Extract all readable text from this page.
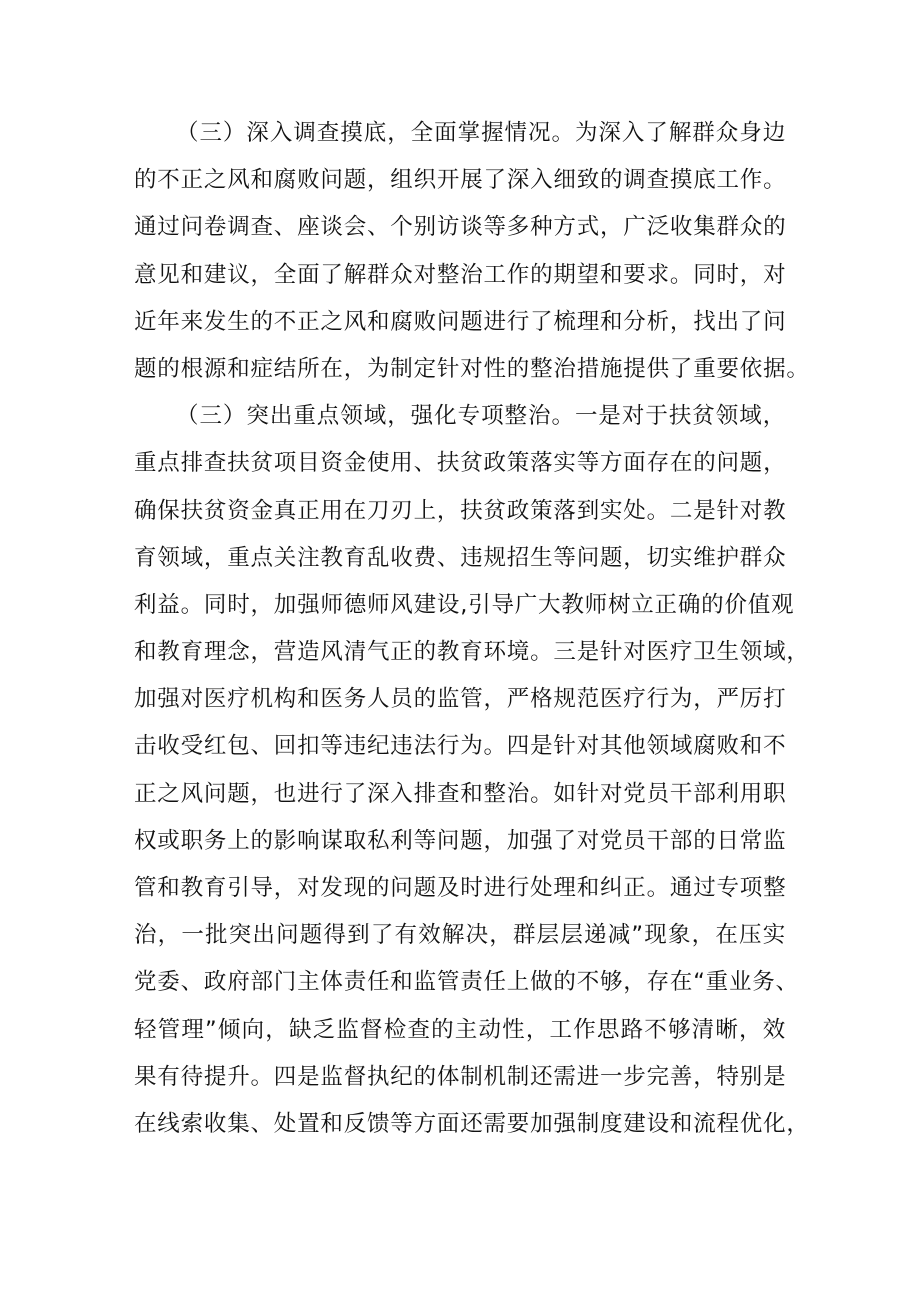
（三）深入调查摸底，全面掌握情况。为深入了解群众身边
的不正之风和腐败问题，组织开展了深入细致的调查摸底工作。
通过问卷调查、座谈会、个别访谈等多种方式，广泛收集群众的
意见和建议，全面了解群众对整治工作的期望和要求。同时，对
近年来发生的不正之风和腐败问题进行了梳理和分析，找出了问
题的根源和症结所在，为制定针对性的整治措施提供了重要依据。
（三）突出重点领域，强化专项整治。一是对于扶贫领域，
重点排查扶贫项目资金使用、扶贫政策落实等方面存在的问题，
确保扶贫资金真正用在刀刃上，扶贫政策落到实处。二是针对教
育领域，重点关注教育乱收费、违规招生等问题，切实维护群众
利益。同时，加强师德师风建设,引导广大教师树立正确的价值观
和教育理念，营造风清气正的教育环境。三是针对医疗卫生领域，
加强对医疗机构和医务人员的监管，严格规范医疗行为，严厉打
击收受红包、回扣等违纪违法行为。四是针对其他领域腐败和不
正之风问题，也进行了深入排查和整治。如针对党员干部利用职
权或职务上的影响谋取私利等问题，加强了对党员干部的日常监
管和教育引导，对发现的问题及时进行处理和纠正。通过专项整
治，一批突出问题得到了有效解决，群层层递减”现象，在压实
党委、政府部门主体责任和监管责任上做的不够，存在“重业务、
轻管理”倾向，缺乏监督检查的主动性，工作思路不够清晰，效
果有待提升。四是监督执纪的体制机制还需进一步完善，特别是
在线索收集、处置和反馈等方面还需要加强制度建设和流程优化，
